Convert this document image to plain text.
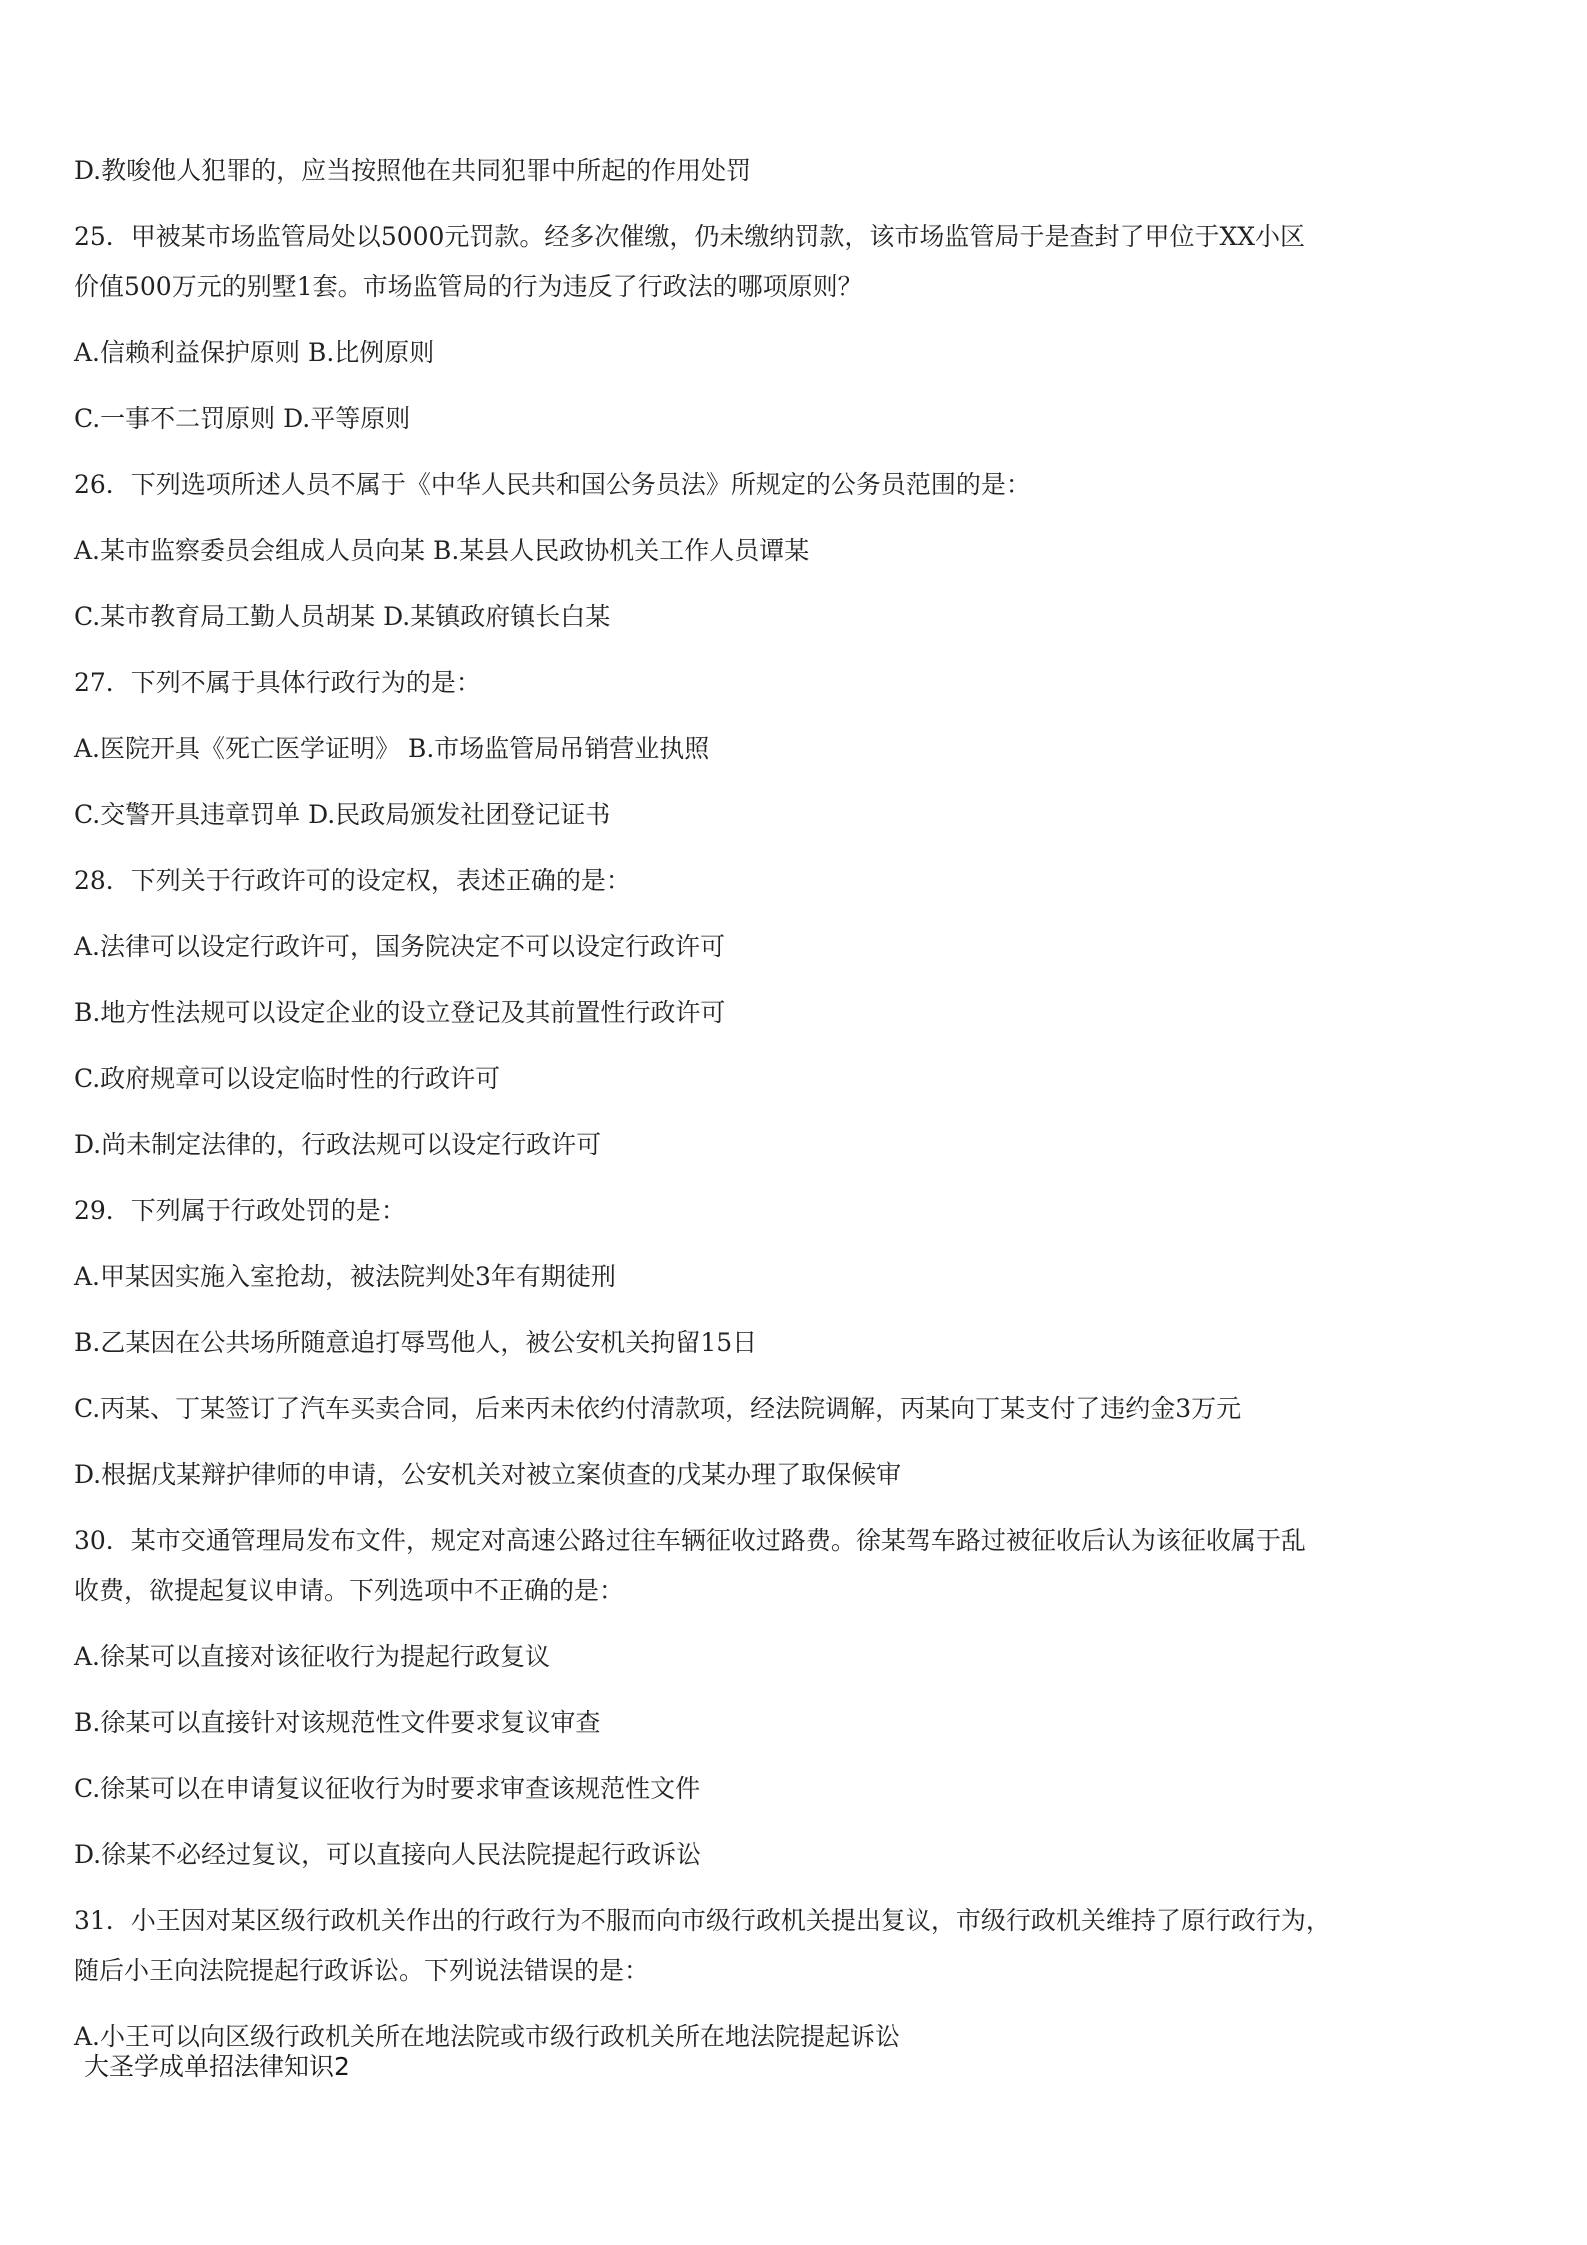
D.教唆他人犯罪的，应当按照他在共同犯罪中所起的作用处罚
25．甲被某市场监管局处以5000元罚款。经多次催缴，仍未缴纳罚款，该市场监管局于是查封了甲位于XX小区
价值500万元的别墅1套。市场监管局的行为违反了行政法的哪项原则？
A.信赖利益保护原则 B.比例原则
C.一事不二罚原则 D.平等原则
26．下列选项所述人员不属于《中华人民共和国公务员法》所规定的公务员范围的是：
A.某市监察委员会组成人员向某 B.某县人民政协机关工作人员谭某
C.某市教育局工勤人员胡某 D.某镇政府镇长白某
27．下列不属于具体行政行为的是：
A.医院开具《死亡医学证明》 B.市场监管局吊销营业执照
C.交警开具违章罚单 D.民政局颁发社团登记证书
28．下列关于行政许可的设定权，表述正确的是：
A.法律可以设定行政许可，国务院决定不可以设定行政许可
B.地方性法规可以设定企业的设立登记及其前置性行政许可
C.政府规章可以设定临时性的行政许可
D.尚未制定法律的，行政法规可以设定行政许可
29．下列属于行政处罚的是：
A.甲某因实施入室抢劫，被法院判处3年有期徒刑
B.乙某因在公共场所随意追打辱骂他人，被公安机关拘留15日
C.丙某、丁某签订了汽车买卖合同，后来丙未依约付清款项，经法院调解，丙某向丁某支付了违约金3万元
D.根据戊某辩护律师的申请，公安机关对被立案侦查的戊某办理了取保候审
30．某市交通管理局发布文件，规定对高速公路过往车辆征收过路费。徐某驾车路过被征收后认为该征收属于乱
收费，欲提起复议申请。下列选项中不正确的是：
A.徐某可以直接对该征收行为提起行政复议
B.徐某可以直接针对该规范性文件要求复议审查
C.徐某可以在申请复议征收行为时要求审查该规范性文件
D.徐某不必经过复议，可以直接向人民法院提起行政诉讼
31．小王因对某区级行政机关作出的行政行为不服而向市级行政机关提出复议，市级行政机关维持了原行政行为，
随后小王向法院提起行政诉讼。下列说法错误的是：
A.小王可以向区级行政机关所在地法院或市级行政机关所在地法院提起诉讼
大圣学成单招法律知识2
